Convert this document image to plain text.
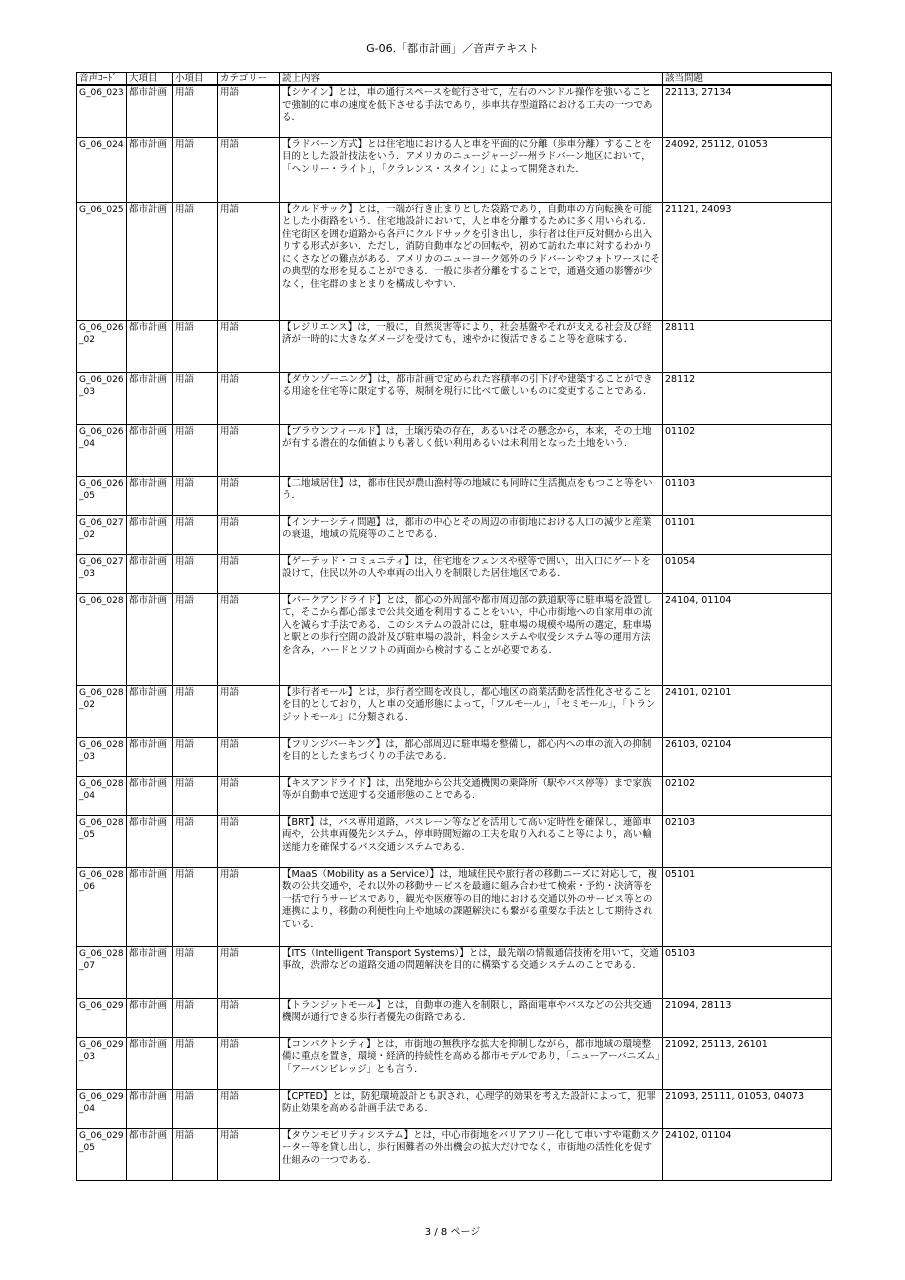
G-06.「都市計画」／音声テキスト
音声ｺｰﾄﾞ	大項目	小項目	カテゴリー	読上内容	該当問題
G_06_023	都市計画	用語	用語	【シケイン】とは，車の通行スペースを蛇行させて，左右のハンドル操作を強いることで強制的に車の速度を低下させる手法であり，歩車共存型道路における工夫の一つである．	22113, 27134
G_06_024	都市計画	用語	用語	【ラドバーン方式】とは住宅地における人と車を平面的に分離（歩車分離）することを目的とした設計技法をいう．アメリカのニュージャージー州ラドバーン地区において，「ヘンリー・ライト」，「クラレンス・スタイン」によって開発された．	24092, 25112, 01053
G_06_025	都市計画	用語	用語	【クルドサック】とは，一端が行き止まりとした袋路であり，自動車の方向転換を可能とした小街路をいう．住宅地設計において，人と車を分離するために多く用いられる．住宅街区を囲む道路から各戸にクルドサックを引き出し，歩行者は住戸反対側から出入りする形式が多い．ただし，消防自動車などの回転や，初めて訪れた車に対するわかりにくさなどの難点がある．アメリカのニューヨーク郊外のラドバーンやフォトワースにその典型的な形を見ることができる．一般に歩者分離をすることで，通過交通の影響が少なく，住宅群のまとまりを構成しやすい．	21121, 24093
G_06_026_02	都市計画	用語	用語	【レジリエンス】は，一般に，自然災害等により，社会基盤やそれが支える社会及び経済が一時的に大きなダメージを受けても，速やかに復活できること等を意味する．	28111
G_06_026_03	都市計画	用語	用語	【ダウンゾーニング】は，都市計画で定められた容積率の引下げや建築することができる用途を住宅等に限定する等，規制を現行に比べて厳しいものに変更することである．	28112
G_06_026_04	都市計画	用語	用語	【ブラウンフィールド】は，土壌汚染の存在，あるいはその懸念から，本来，その土地が有する潜在的な価値よりも著しく低い利用あるいは未利用となった土地をいう．	01102
G_06_026_05	都市計画	用語	用語	【二地域居住】は，都市住民が農山漁村等の地域にも同時に生活拠点をもつこと等をいう．	01103
G_06_027_02	都市計画	用語	用語	【インナーシティ問題】は，都市の中心とその周辺の市街地における人口の減少と産業の衰退，地域の荒廃等のことである．	01101
G_06_027_03	都市計画	用語	用語	【ゲーテッド・コミュニティ】は，住宅地をフェンスや壁等で囲い，出入口にゲートを設けて，住民以外の人や車両の出入りを制限した居住地区である．	01054
G_06_028	都市計画	用語	用語	【パークアンドライド】とは，都心の外周部や都市周辺部の鉄道駅等に駐車場を設置して，そこから都心部まで公共交通を利用することをいい，中心市街地への自家用車の流入を減らす手法である．このシステムの設計には，駐車場の規模や場所の選定，駐車場と駅との歩行空間の設計及び駐車場の設計，料金システムや収受システム等の運用方法を含み，ハードとソフトの両面から検討することが必要である．	24104, 01104
G_06_028_02	都市計画	用語	用語	【歩行者モール】とは，歩行者空間を改良し，都心地区の商業活動を活性化させることを目的としており，人と車の交通形態によって，「フルモール」，「セミモール」，「トランジットモール」に分類される．	24101, 02101
G_06_028_03	都市計画	用語	用語	【フリンジパーキング】は，都心部周辺に駐車場を整備し，都心内への車の流入の抑制を目的としたまちづくりの手法である．	26103, 02104
G_06_028_04	都市計画	用語	用語	【キスアンドライド】は，出発地から公共交通機関の乗降所（駅やバス停等）まで家族等が自動車で送迎する交通形態のことである．	02102
G_06_028_05	都市計画	用語	用語	【BRT】は，バス専用道路，バスレーン等などを活用して高い定時性を確保し，連節車両や，公共車両優先システム，停車時間短縮の工夫を取り入れること等により，高い輸送能力を確保するバス交通システムである．	02103
G_06_028_06	都市計画	用語	用語	【MaaS（Mobility as a Service）】は，地域住民や旅行者の移動ニーズに対応して，複数の公共交通や，それ以外の移動サービスを最適に組み合わせて検索・予約・決済等を一括で行うサービスであり，観光や医療等の目的地における交通以外のサービス等との連携により，移動の利便性向上や地域の課題解決にも繋がる重要な手法として期待されている．	05101
G_06_028_07	都市計画	用語	用語	【ITS（Intelligent Transport Systems）】とは，最先端の情報通信技術を用いて，交通事故，渋滞などの道路交通の問題解決を目的に構築する交通システムのことである．	05103
G_06_029	都市計画	用語	用語	【トランジットモール】とは，自動車の進入を制限し，路面電車やバスなどの公共交通機関が通行できる歩行者優先の街路である．	21094, 28113
G_06_029_03	都市計画	用語	用語	【コンパクトシティ】とは，市街地の無秩序な拡大を抑制しながら，都市地域の環境整備に重点を置き，環境・経済的持続性を高める都市モデルであり，「ニューアーバニズム」「アーバンビレッジ」とも言う．	21092, 25113, 26101
G_06_029_04	都市計画	用語	用語	【CPTED】とは，防犯環境設計とも訳され，心理学的効果を考えた設計によって，犯罪防止効果を高める計画手法である．	21093, 25111, 01053, 04073
G_06_029_05	都市計画	用語	用語	【タウンモビリティシステム】とは，中心市街地をバリアフリー化して車いすや電動スクーター等を貸し出し，歩行困難者の外出機会の拡大だけでなく，市街地の活性化を促す仕組みの一つである．	24102, 01104
3 / 8 ページ
